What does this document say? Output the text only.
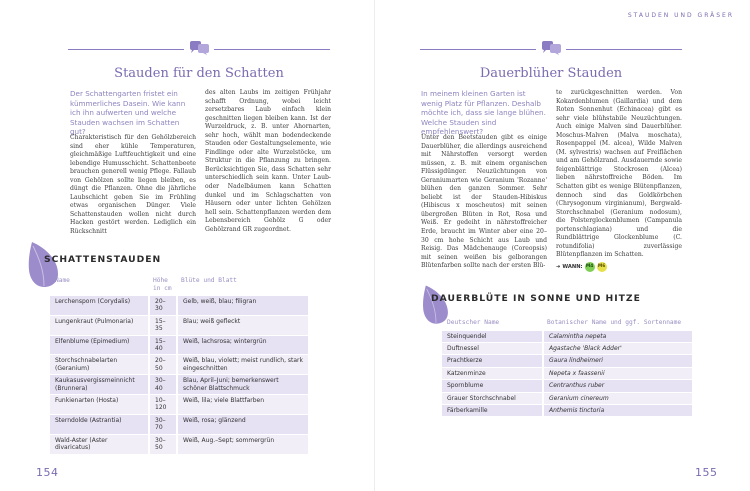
Stauden für den Schatten
Der Schattengarten fristet ein kümmerliches Dasein. Wie kann ich ihn aufwerten und welche Stauden wachsen im Schatten gut?
Charakteristisch für den Gehölzbereich sind eher kühle Temperaturen, gleichmäßige Luftfeuchtigkeit und eine lebendige Humusschicht. Schattenbeete brauchen generell wenig Pflege. Fallaub von Gehölzen sollte liegen bleiben, es düngt die Pflanzen. Ohne die jährliche Laubschicht geben Sie im Frühling etwas organischen Dünger. Viele Schattenstauden wollen nicht durch Hacken gestört werden. Lediglich ein Rückschnitt
des alten Laubs im zeitigen Frühjahr schafft Ordnung, wobei leicht zersetzbares Laub einfach klein geschnitten liegen bleiben kann. Ist der Wurzeldruck, z. B. unter Ahornarten, sehr hoch, wählt man bodendeckende Stauden oder Gestaltungselemente, wie Findlinge oder alte Wurzelstöcke, um Struktur in die Pflanzung zu bringen. Berücksichtigen Sie, dass Schatten sehr unterschiedlich sein kann. Unter Laub- oder Nadelbäumen kann Schatten dunkel und im Schlagschatten von Häusern oder unter lichten Gehölzen hell sein. Schattenpflanzen werden dem Lebensbereich Gehölz G oder Gehölzrand GR zugeordnet.
SCHATTENSTAUDEN
Name	Höhe in cm	Blüte und Blatt
Lerchensporn (Corydalis)	20–30	Gelb, weiß, blau; filigran
Lungenkraut (Pulmonaria)	15–35	Blau; weiß gefleckt
Elfenblume (Epimedium)	15–40	Weiß, lachsrosa; wintergrün
Storchschnabelarten (Geranium)	20–50	Weiß, blau, violett; meist rundlich, stark eingeschnitten
Kaukasusvergissmeinnicht (Brunnera)	30–40	Blau, April–Juni; bemerkenswert schöner Blattschmuck
Funkienarten (Hosta)	10–120	Weiß, lila; viele Blattfarben
Sterndolde (Astrantia)	30–70	Weiß, rosa; glänzend
Wald-Aster (Aster divaricatus)	30–50	Weiß, Aug.–Sept; sommergrün
154
STAUDEN UND GRÄSER
Dauerblüher Stauden
In meinem kleinen Garten ist wenig Platz für Pflanzen. Deshalb möchte ich, dass sie lange blühen. Welche Stauden sind empfehlenswert?
Unter den Beetstauden gibt es einige Dauerblüher, die allerdings ausreichend mit Nährstoffen versorgt werden müssen, z. B. mit einem organischen Flüssigdünger. Neuzüchtungen von Geraniumarten wie Geranium 'Rozanne' blühen den ganzen Sommer. Sehr beliebt ist der Stauden-Hibiskus (Hibiscus x moscheutos) mit seinen übergroßen Blüten in Rot, Rosa und Weiß. Er gedeiht in nährstoffreicher Erde, braucht im Winter aber eine 20–30 cm hohe Schicht aus Laub und Reisig. Das Mädchenauge (Coreopsis) mit seinen weißen bis gelborangen Blütenfarben sollte nach der ersten Blü-
te zurückgeschnitten werden. Von Kokardenblumen (Gaillardia) und dem Roten Sonnenhut (Echinacea) gibt es sehr viele blühstabile Neuzüchtungen. Auch einige Malven sind Dauerblüher. Moschus-Malven (Malva moschata), Rosenpappel (M. alcea), Wilde Malven (M. sylvestris) wachsen auf Freiflächen und am Gehölzrand. Ausdauernde sowie feigenblättrige Stockrosen (Alcea) lieben nährstoffreiche Böden. Im Schatten gibt es wenige Blütenpflanzen, dennoch sind das Goldkörbchen (Chrysogonum virginianum), Bergwald-Storchschnabel (Geranium nodosum), die Polsterglockenblumen (Campanula portenschlagiana) und die Rundblättrige Glockenblume (C. rotundifolia) zuverlässige Blütenpflanzen im Schatten.
➜ WANN: M4 M6
DAUERBLÜTE IN SONNE UND HITZE
Deutscher Name	Botanischer Name und ggf. Sortenname
Steinquendel	Calamintha nepeta
Duftnessel	Agastache 'Black Adder'
Prachtkerze	Gaura lindheimeri
Katzenminze	Nepeta x faassenii
Spornblume	Centranthus ruber
Grauer Storchschnabel	Geranium cinereum
Färberkamille	Anthemis tinctoria
155
